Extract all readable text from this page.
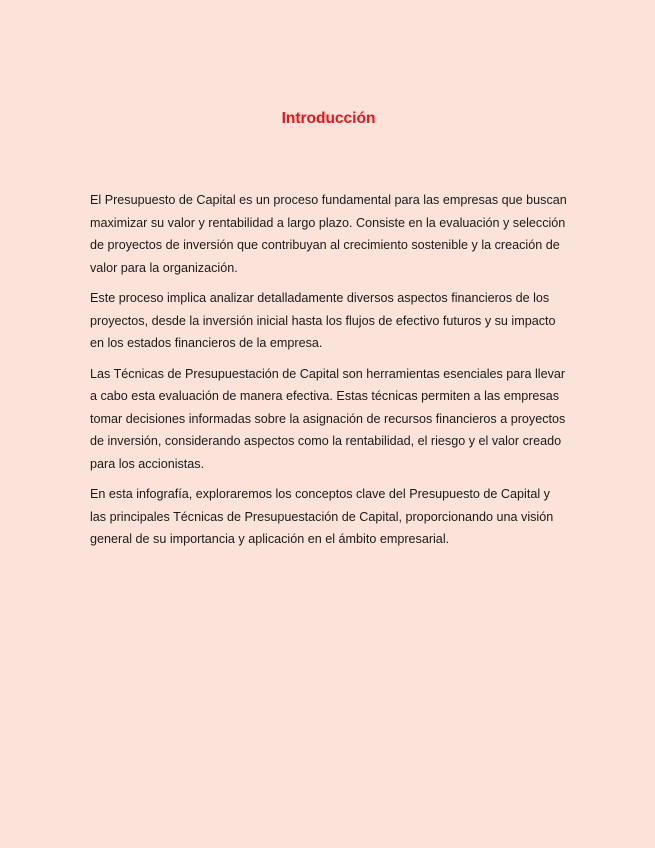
Introducción

El Presupuesto de Capital es un proceso fundamental para las empresas que buscan maximizar su valor y rentabilidad a largo plazo. Consiste en la evaluación y selección de proyectos de inversión que contribuyan al crecimiento sostenible y la creación de valor para la organización.

Este proceso implica analizar detalladamente diversos aspectos financieros de los proyectos, desde la inversión inicial hasta los flujos de efectivo futuros y su impacto en los estados financieros de la empresa.

Las Técnicas de Presupuestación de Capital son herramientas esenciales para llevar a cabo esta evaluación de manera efectiva. Estas técnicas permiten a las empresas tomar decisiones informadas sobre la asignación de recursos financieros a proyectos de inversión, considerando aspectos como la rentabilidad, el riesgo y el valor creado para los accionistas.

En esta infografía, exploraremos los conceptos clave del Presupuesto de Capital y las principales Técnicas de Presupuestación de Capital, proporcionando una visión general de su importancia y aplicación en el ámbito empresarial.
